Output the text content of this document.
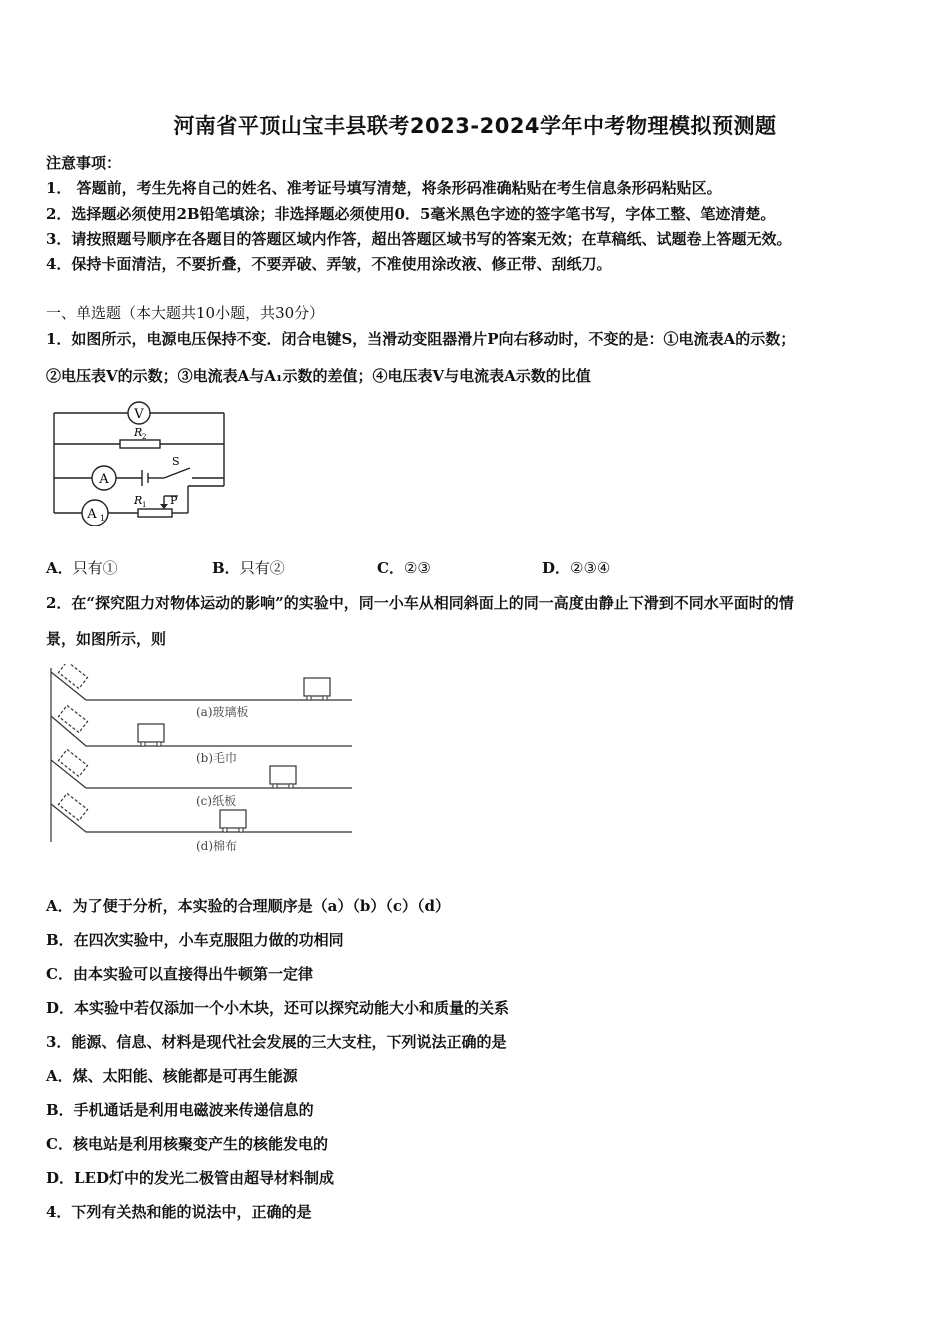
河南省平顶山宝丰县联考2023-2024学年中考物理模拟预测题
注意事项：
1． 答题前，考生先将自己的姓名、准考证号填写清楚，将条形码准确粘贴在考生信息条形码粘贴区。
2．选择题必须使用2B铅笔填涂；非选择题必须使用0．5毫米黑色字迹的签字笔书写，字体工整、笔迹清楚。
3．请按照题号顺序在各题目的答题区域内作答，超出答题区域书写的答案无效；在草稿纸、试题卷上答题无效。
4．保持卡面清洁，不要折叠，不要弄破、弄皱，不准使用涂改液、修正带、刮纸刀。
一、单选题（本大题共10小题，共30分）
1．如图所示，电源电压保持不变．闭合电键S，当滑动变阻器滑片P向右移动时，不变的是：①电流表A的示数；
②电压表V的示数；③电流表A与A₁示数的差值；④电压表V与电流表A示数的比值
V
A
A 1
R 2
S
R 1 P
A．只有①	B．只有②	C．②③	D．②③④
2．在“探究阻力对物体运动的影响”的实验中，同一小车从相同斜面上的同一高度由静止下滑到不同水平面时的情
景，如图所示，则
(a)玻璃板
(b)毛巾
(c)纸板
(d)棉布
A．为了便于分析，本实验的合理顺序是（a）（b）（c）（d）
B．在四次实验中，小车克服阻力做的功相同
C．由本实验可以直接得出牛顿第一定律
D．本实验中若仅添加一个小木块，还可以探究动能大小和质量的关系
3．能源、信息、材料是现代社会发展的三大支柱，下列说法正确的是
A．煤、太阳能、核能都是可再生能源
B．手机通话是利用电磁波来传递信息的
C．核电站是利用核聚变产生的核能发电的
D．LED灯中的发光二极管由超导材料制成
4．下列有关热和能的说法中，正确的是
